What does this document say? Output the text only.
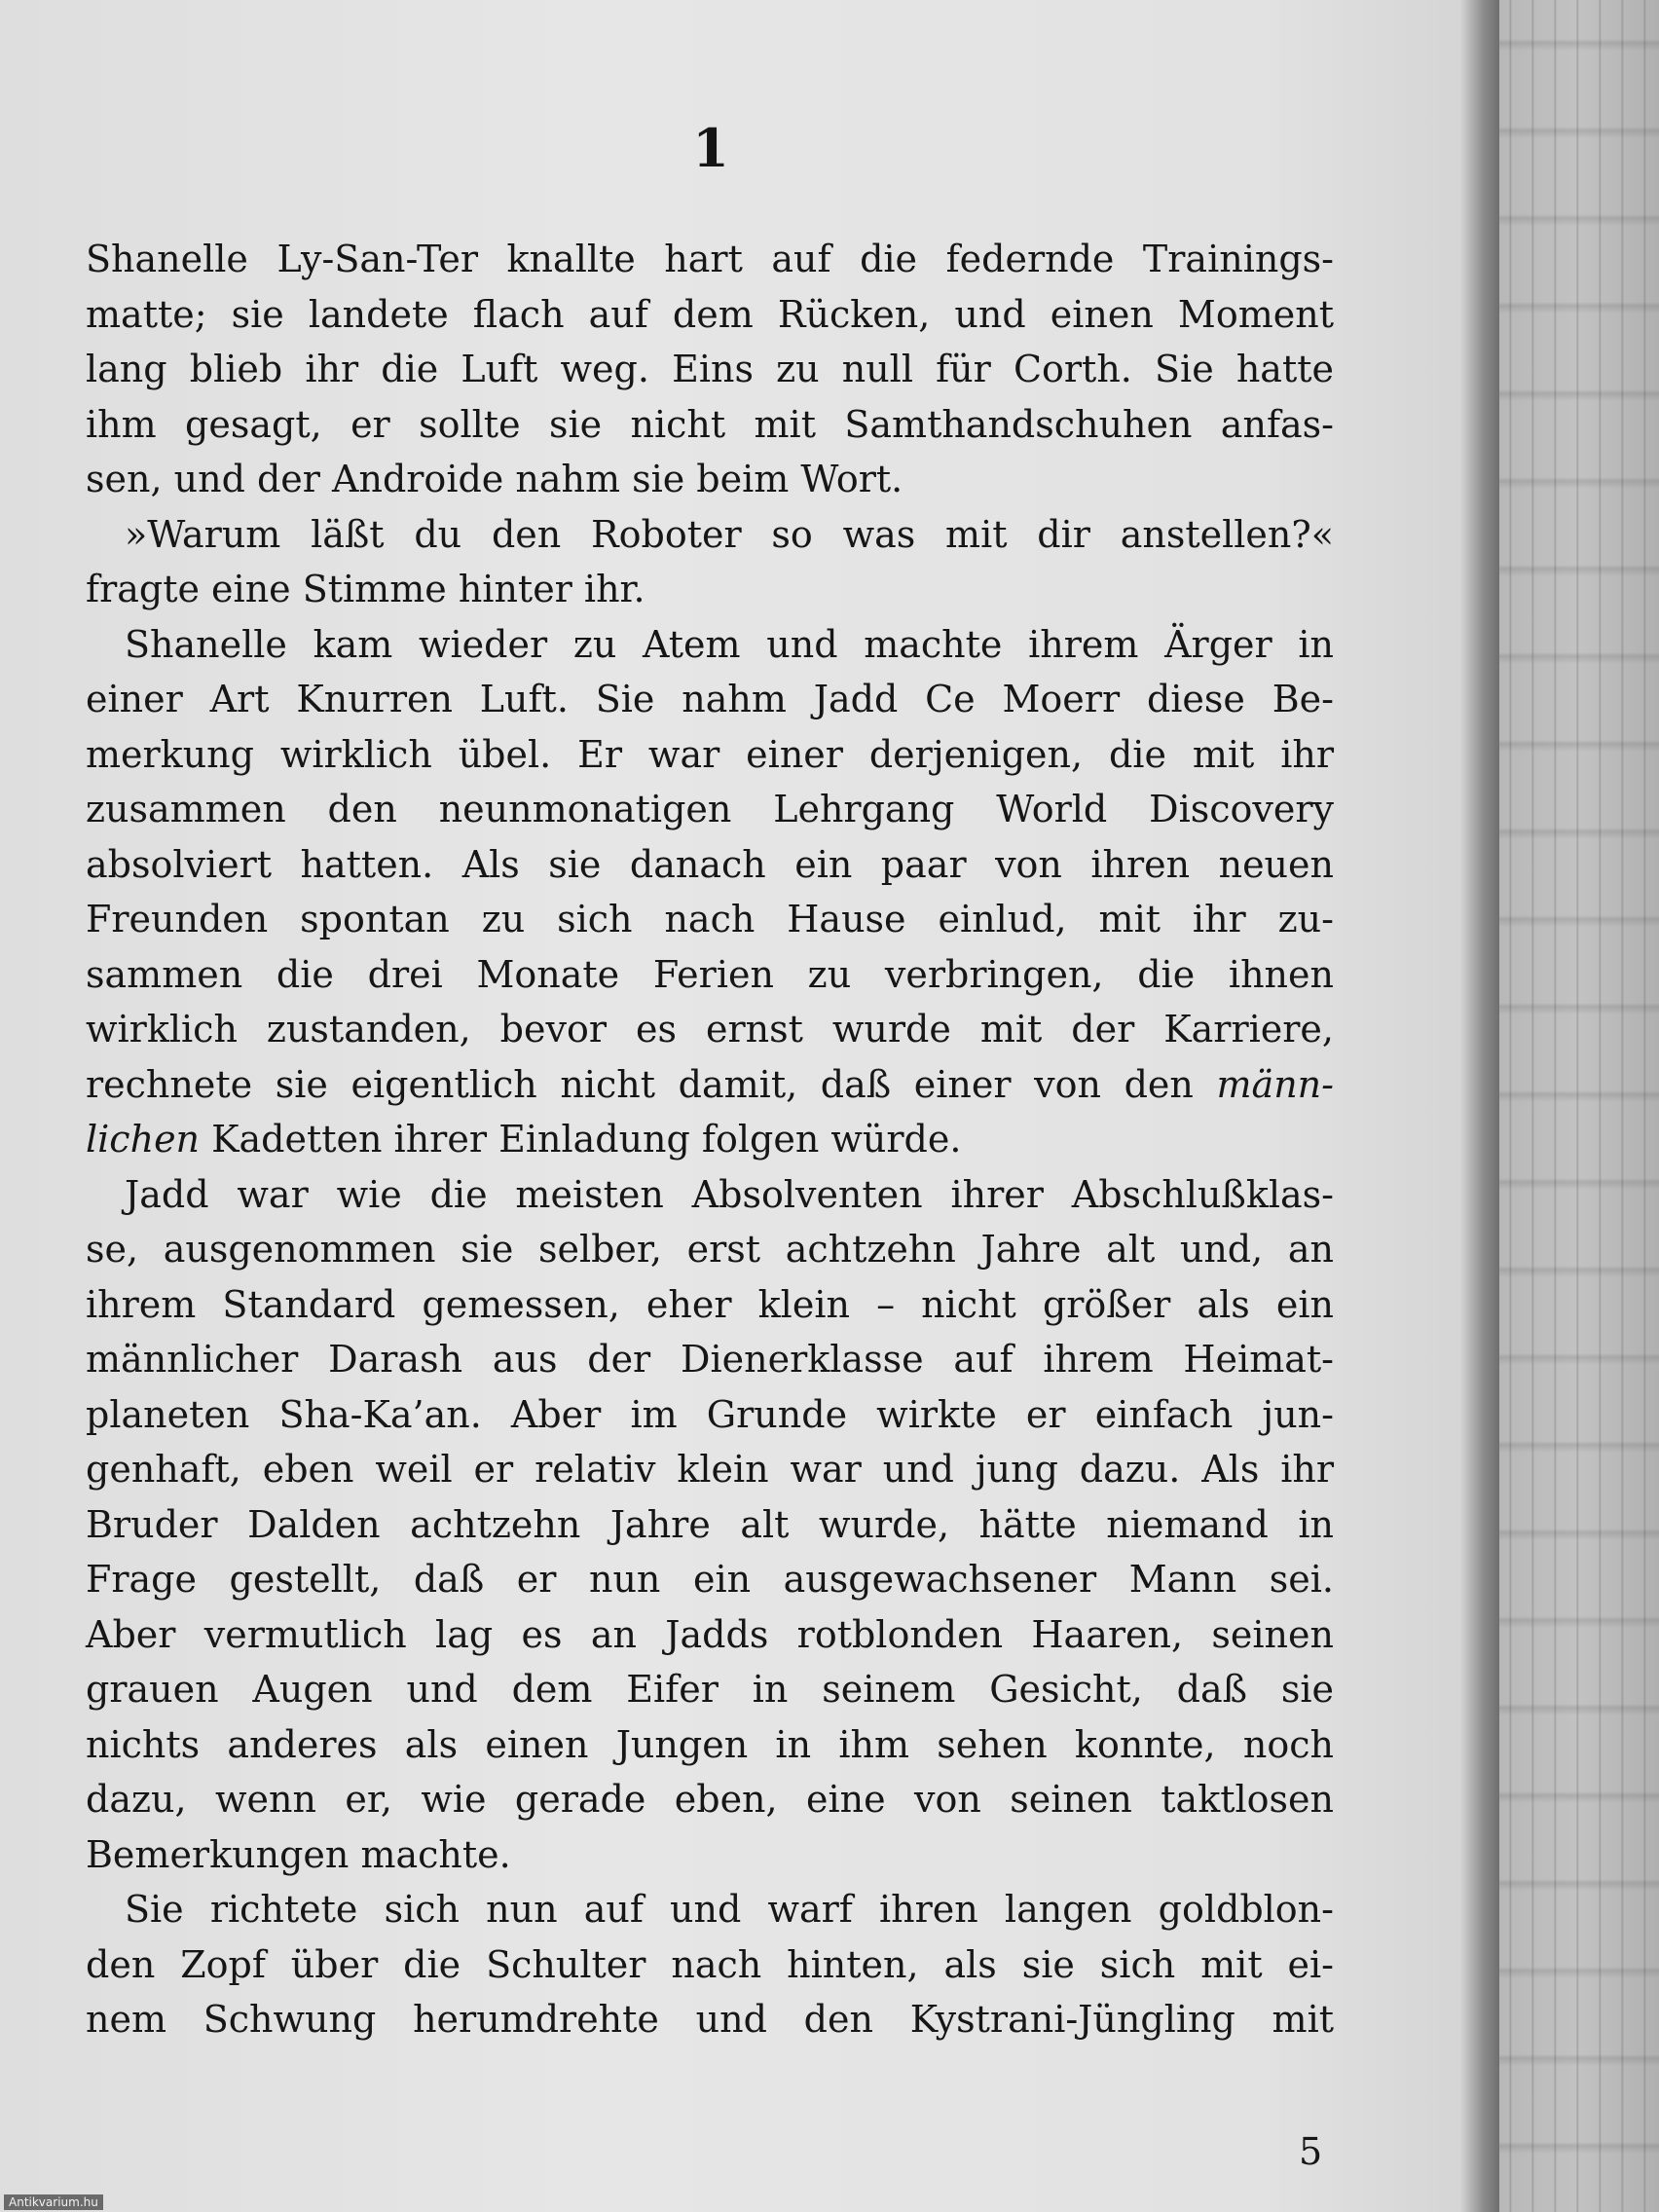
1
Shanelle Ly-San-Ter knallte hart auf die federnde Trainings-
matte; sie landete flach auf dem Rücken, und einen Moment
lang blieb ihr die Luft weg. Eins zu null für Corth. Sie hatte
ihm gesagt, er sollte sie nicht mit Samthandschuhen anfas-
sen, und der Androide nahm sie beim Wort.
»Warum läßt du den Roboter so was mit dir anstellen?«
fragte eine Stimme hinter ihr.
Shanelle kam wieder zu Atem und machte ihrem Ärger in
einer Art Knurren Luft. Sie nahm Jadd Ce Moerr diese Be-
merkung wirklich übel. Er war einer derjenigen, die mit ihr
zusammen den neunmonatigen Lehrgang World Discovery
absolviert hatten. Als sie danach ein paar von ihren neuen
Freunden spontan zu sich nach Hause einlud, mit ihr zu-
sammen die drei Monate Ferien zu verbringen, die ihnen
wirklich zustanden, bevor es ernst wurde mit der Karriere,
rechnete sie eigentlich nicht damit, daß einer von den männ-
lichen Kadetten ihrer Einladung folgen würde.
Jadd war wie die meisten Absolventen ihrer Abschlußklas-
se, ausgenommen sie selber, erst achtzehn Jahre alt und, an
ihrem Standard gemessen, eher klein – nicht größer als ein
männlicher Darash aus der Dienerklasse auf ihrem Heimat-
planeten Sha-Ka’an. Aber im Grunde wirkte er einfach jun-
genhaft, eben weil er relativ klein war und jung dazu. Als ihr
Bruder Dalden achtzehn Jahre alt wurde, hätte niemand in
Frage gestellt, daß er nun ein ausgewachsener Mann sei.
Aber vermutlich lag es an Jadds rotblonden Haaren, seinen
grauen Augen und dem Eifer in seinem Gesicht, daß sie
nichts anderes als einen Jungen in ihm sehen konnte, noch
dazu, wenn er, wie gerade eben, eine von seinen taktlosen
Bemerkungen machte.
Sie richtete sich nun auf und warf ihren langen goldblon-
den Zopf über die Schulter nach hinten, als sie sich mit ei-
nem Schwung herumdrehte und den Kystrani-Jüngling mit
5
Antikvarium.hu
